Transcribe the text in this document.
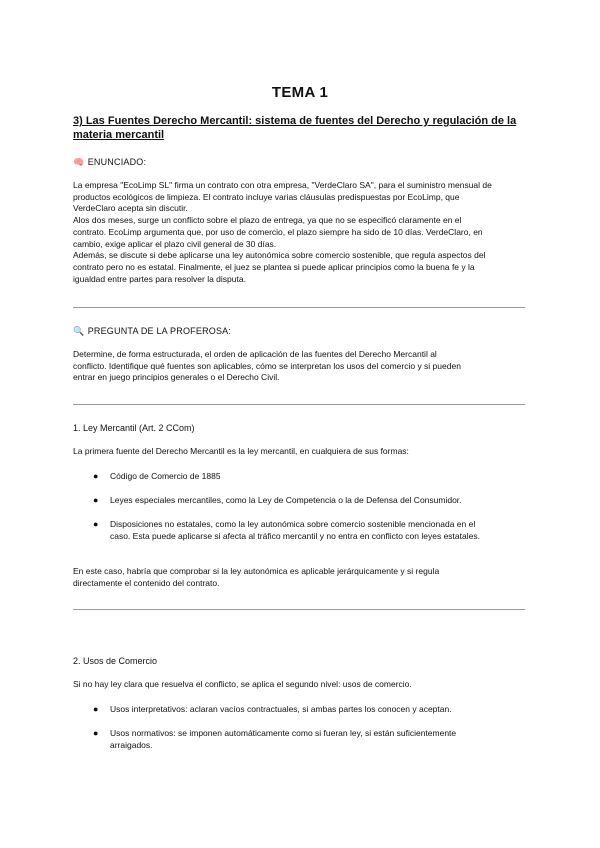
TEMA 1
3) Las Fuentes Derecho Mercantil: sistema de fuentes del Derecho y regulación de la
materia mercantil
🧠 ENUNCIADO:
La empresa "EcoLimp SL" firma un contrato con otra empresa, "VerdeClaro SA", para el suministro mensual de
productos ecológicos de limpieza. El contrato incluye varias cláusulas predispuestas por EcoLimp, que
VerdeClaro acepta sin discutir.
Alos dos meses, surge un conflicto sobre el plazo de entrega, ya que no se especificó claramente en el
contrato. EcoLimp argumenta que, por uso de comercio, el plazo siempre ha sido de 10 días. VerdeClaro, en
cambio, exige aplicar el plazo civil general de 30 días.
Además, se discute si debe aplicarse una ley autonómica sobre comercio sostenible, que regula aspectos del
contrato pero no es estatal. Finalmente, el juez se plantea si puede aplicar principios como la buena fe y la
igualdad entre partes para resolver la disputa.
🔍 PREGUNTA DE LA PROFEROSA:
Determine, de forma estructurada, el orden de aplicación de las fuentes del Derecho Mercantil al
conflicto. Identifique qué fuentes son aplicables, cómo se interpretan los usos del comercio y si pueden
entrar en juego principios generales o el Derecho Civil.
1. Ley Mercantil (Art. 2 CCom)
La primera fuente del Derecho Mercantil es la ley mercantil, en cualquiera de sus formas:
● Código de Comercio de 1885
● Leyes especiales mercantiles, como la Ley de Competencia o la de Defensa del Consumidor.
● Disposiciones no estatales, como la ley autonómica sobre comercio sostenible mencionada en el
caso. Esta puede aplicarse si afecta al tráfico mercantil y no entra en conflicto con leyes estatales.
En este caso, habría que comprobar si la ley autonómica es aplicable jerárquicamente y si regula
directamente el contenido del contrato.
2. Usos de Comercio
Si no hay ley clara que resuelva el conflicto, se aplica el segundo nivel: usos de comercio.
● Usos interpretativos: aclaran vacíos contractuales, si ambas partes los conocen y aceptan.
● Usos normativos: se imponen automáticamente como si fueran ley, si están suficientemente
arraigados.
